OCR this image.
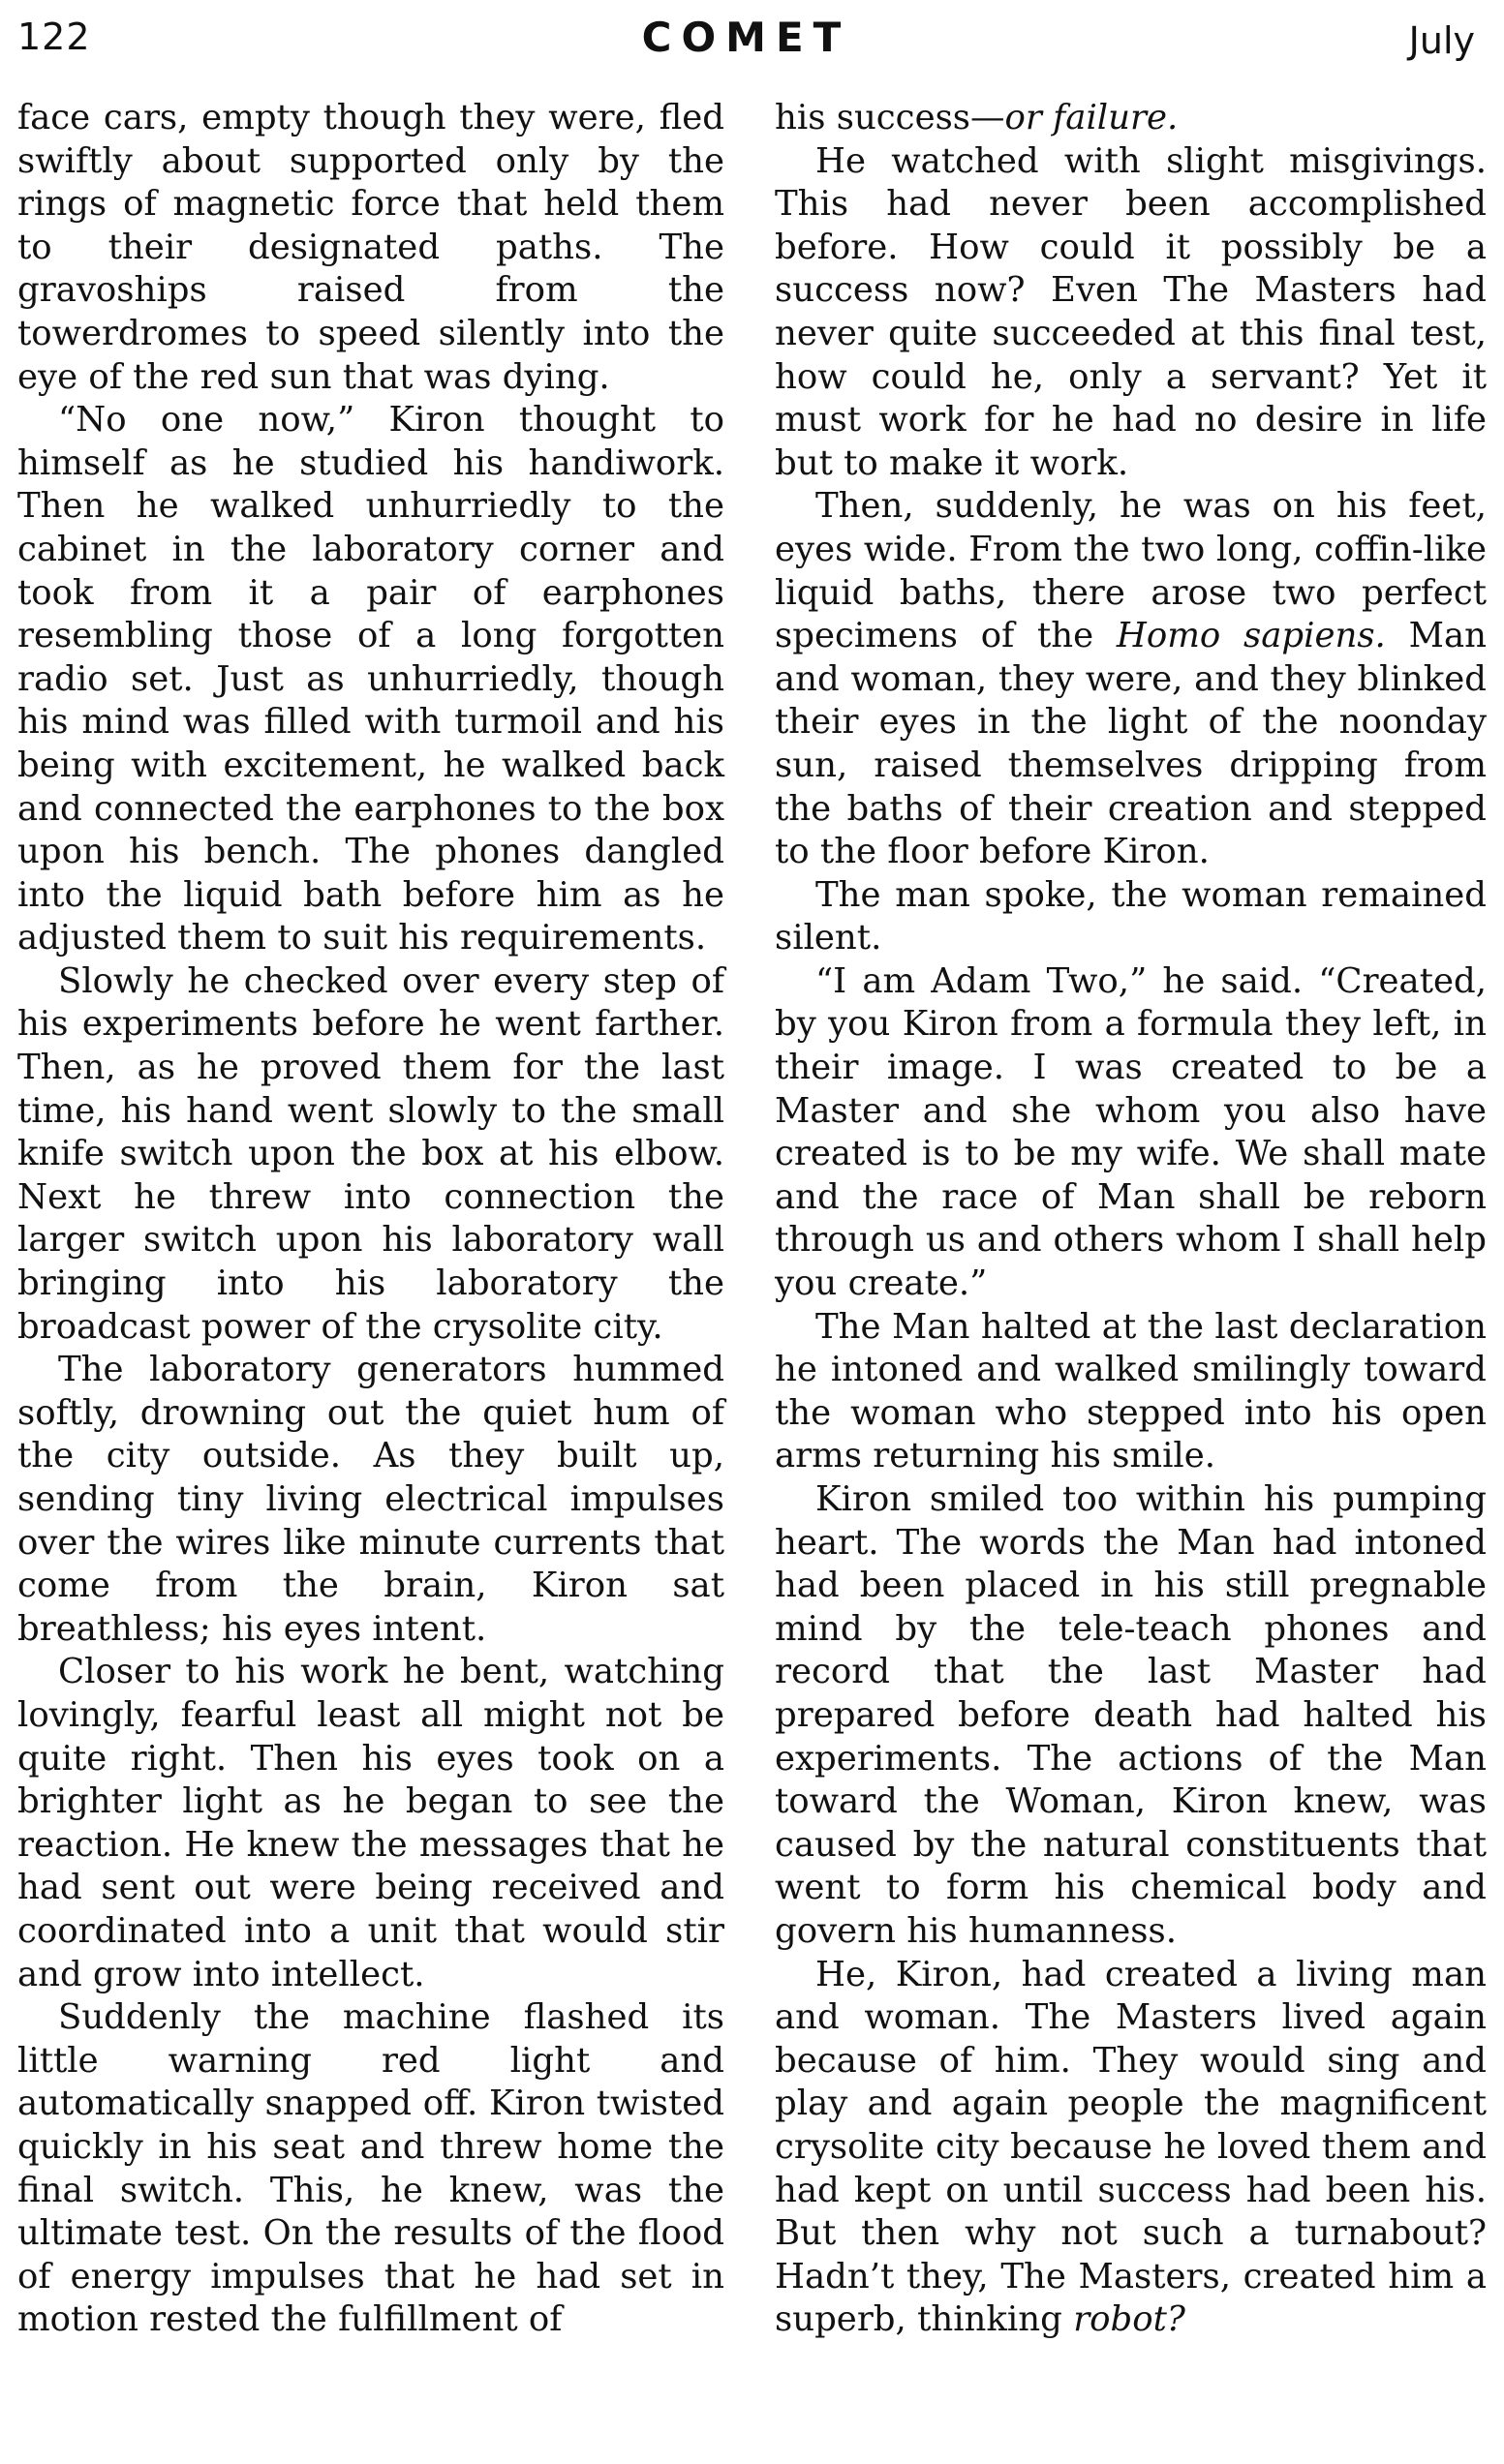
122	COMET	July

face cars, empty though they were, fled swiftly about supported only by the rings of magnetic force that held them to their designated paths. The gravoships raised from the towerdromes to speed silently into the eye of the red sun that was dying.

“No one now,” Kiron thought to himself as he studied his handiwork. Then he walked unhurriedly to the cabinet in the laboratory corner and took from it a pair of earphones resembling those of a long forgotten radio set. Just as unhurriedly, though his mind was filled with turmoil and his being with excitement, he walked back and connected the earphones to the box upon his bench. The phones dangled into the liquid bath before him as he adjusted them to suit his requirements.

Slowly he checked over every step of his experiments before he went farther. Then, as he proved them for the last time, his hand went slowly to the small knife switch upon the box at his elbow. Next he threw into connection the larger switch upon his laboratory wall bringing into his laboratory the broadcast power of the crysolite city.

The laboratory generators hummed softly, drowning out the quiet hum of the city outside. As they built up, sending tiny living electrical impulses over the wires like minute currents that come from the brain, Kiron sat breathless; his eyes intent.

Closer to his work he bent, watching lovingly, fearful least all might not be quite right. Then his eyes took on a brighter light as he began to see the reaction. He knew the messages that he had sent out were being received and coordinated into a unit that would stir and grow into intellect.

Suddenly the machine flashed its little warning red light and automatically snapped off. Kiron twisted quickly in his seat and threw home the final switch. This, he knew, was the ultimate test. On the results of the flood of energy impulses that he had set in motion rested the fulfillment of

his success—or failure.

He watched with slight misgivings. This had never been accomplished before. How could it possibly be a success now? Even The Masters had never quite succeeded at this final test, how could he, only a servant? Yet it must work for he had no desire in life but to make it work.

Then, suddenly, he was on his feet, eyes wide. From the two long, coffin-like liquid baths, there arose two perfect specimens of the Homo sapiens. Man and woman, they were, and they blinked their eyes in the light of the noonday sun, raised themselves dripping from the baths of their creation and stepped to the floor before Kiron.

The man spoke, the woman remained silent.

“I am Adam Two,” he said. “Created, by you Kiron from a formula they left, in their image. I was created to be a Master and she whom you also have created is to be my wife. We shall mate and the race of Man shall be reborn through us and others whom I shall help you create.”

The Man halted at the last declaration he intoned and walked smilingly toward the woman who stepped into his open arms returning his smile.

Kiron smiled too within his pumping heart. The words the Man had intoned had been placed in his still pregnable mind by the tele-teach phones and record that the last Master had prepared before death had halted his experiments. The actions of the Man toward the Woman, Kiron knew, was caused by the natural constituents that went to form his chemical body and govern his humanness.

He, Kiron, had created a living man and woman. The Masters lived again because of him. They would sing and play and again people the magnificent crysolite city because he loved them and had kept on until success had been his. But then why not such a turnabout? Hadn’t they, The Masters, created him a superb, thinking robot?
